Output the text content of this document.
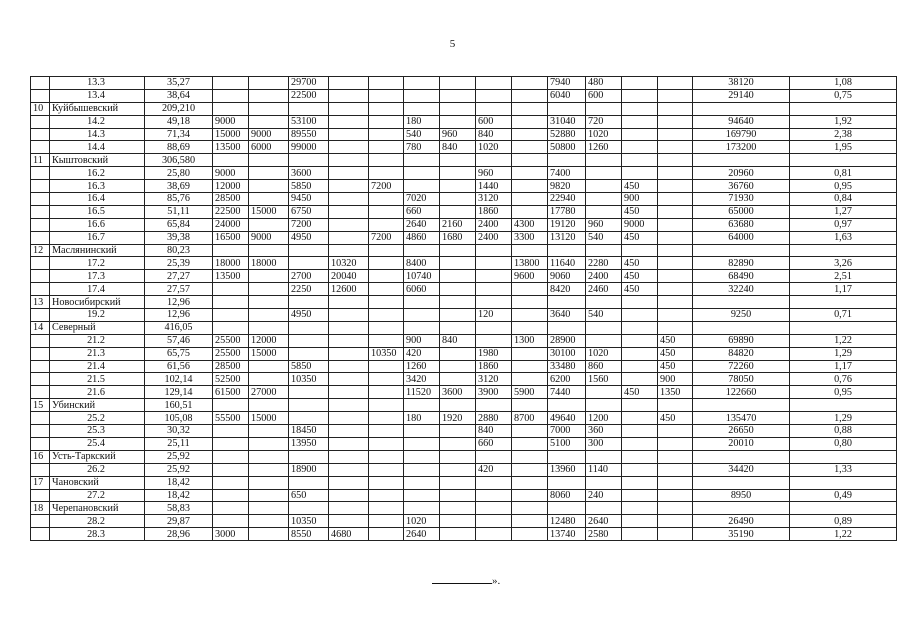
5
	13.3	35,27			29700							7940	480			38120	1,08
	13.4	38,64			22500							6040	600			29140	0,75
10	Куйбышевский	209,210															
	14.2	49,18	9000		53100			180		600		31040	720			94640	1,92
	14.3	71,34	15000	9000	89550			540	960	840		52880	1020			169790	2,38
	14.4	88,69	13500	6000	99000			780	840	1020		50800	1260			173200	1,95
11	Кыштовский	306,580															
	16.2	25,80	9000		3600					960		7400				20960	0,81
	16.3	38,69	12000		5850		7200			1440		9820		450		36760	0,95
	16.4	85,76	28500		9450			7020		3120		22940		900		71930	0,84
	16.5	51,11	22500	15000	6750			660		1860		17780		450		65000	1,27
	16.6	65,84	24000		7200			2640	2160	2400	4300	19120	960	9000		63680	0,97
	16.7	39,38	16500	9000	4950		7200	4860	1680	2400	3300	13120	540	450		64000	1,63
12	Маслянинский	80,23															
	17.2	25,39	18000	18000		10320		8400			13800	11640	2280	450		82890	3,26
	17.3	27,27	13500		2700	20040		10740			9600	9060	2400	450		68490	2,51
	17.4	27,57			2250	12600		6060				8420	2460	450		32240	1,17
13	Новосибирский	12,96															
	19.2	12,96			4950					120		3640	540			9250	0,71
14	Северный	416,05															
	21.2	57,46	25500	12000				900	840		1300	28900			450	69890	1,22
	21.3	65,75	25500	15000			10350	420		1980		30100	1020		450	84820	1,29
	21.4	61,56	28500		5850			1260		1860		33480	860		450	72260	1,17
	21.5	102,14	52500		10350			3420		3120		6200	1560		900	78050	0,76
	21.6	129,14	61500	27000				11520	3600	3900	5900	7440		450	1350	122660	0,95
15	Убинский	160,51															
	25.2	105,08	55500	15000				180	1920	2880	8700	49640	1200		450	135470	1,29
	25.3	30,32			18450					840		7000	360			26650	0,88
	25.4	25,11			13950					660		5100	300			20010	0,80
16	Усть-Таркский	25,92															
	26.2	25,92			18900					420		13960	1140			34420	1,33
17	Чановский	18,42															
	27.2	18,42			650							8060	240			8950	0,49
18	Черепановский	58,83															
	28.2	29,87			10350			1020				12480	2640			26490	0,89
	28.3	28,96	3000		8550	4680		2640				13740	2580			35190	1,22
».
